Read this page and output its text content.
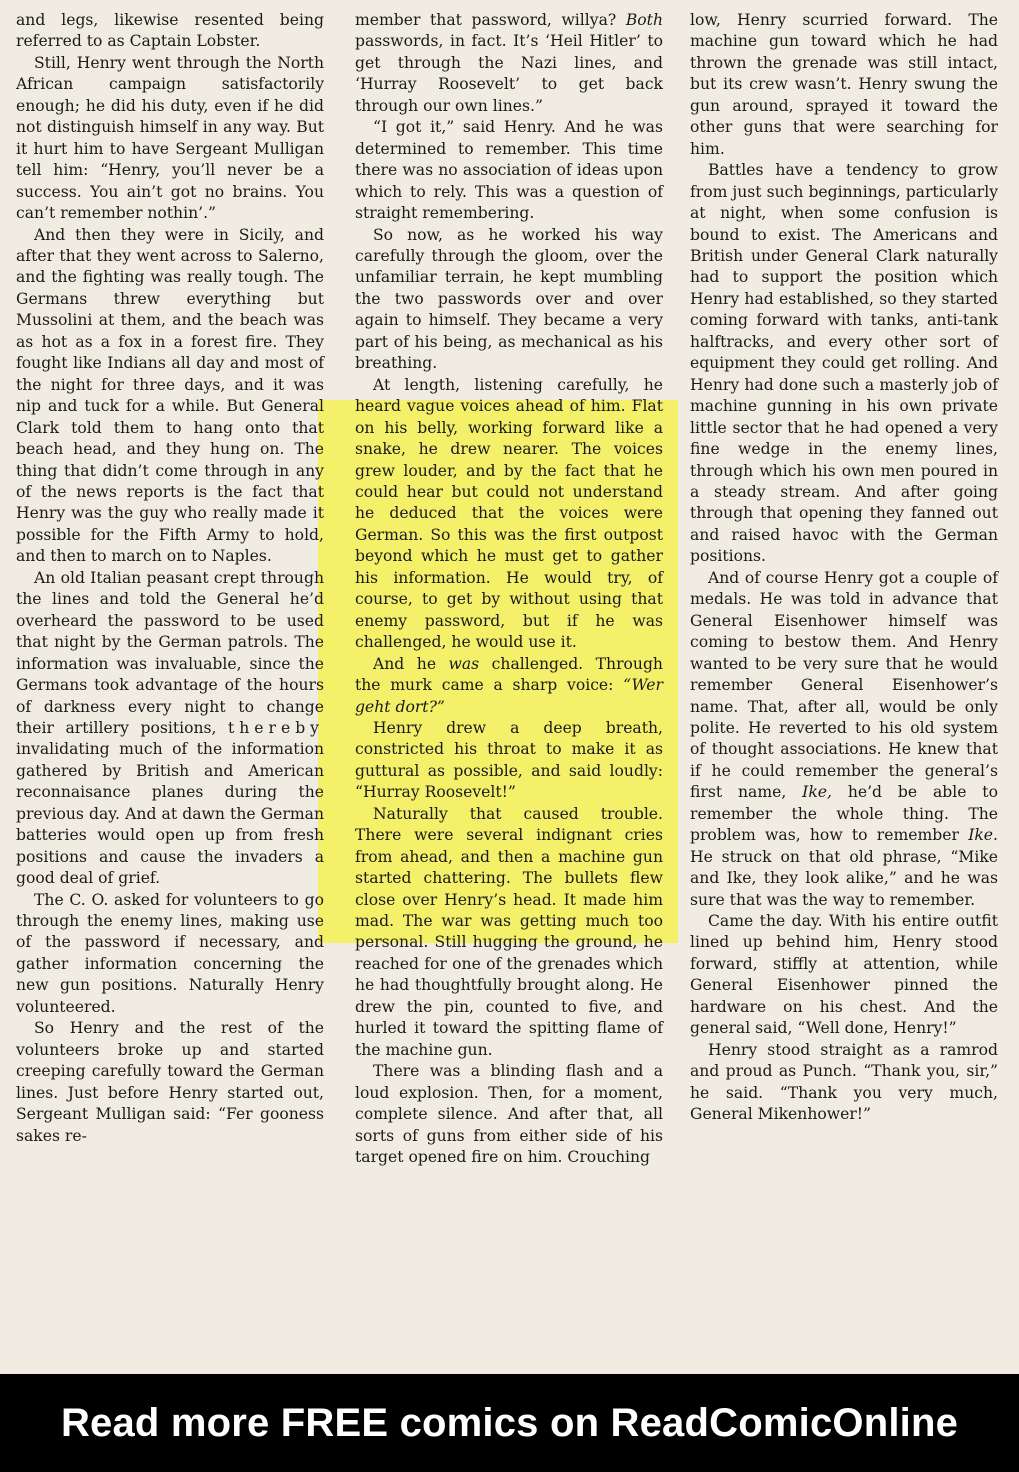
and legs, likewise resented being referred to as Captain Lobster.

Still, Henry went through the North African campaign satisfactorily enough; he did his duty, even if he did not distinguish himself in any way. But it hurt him to have Sergeant Mulligan tell him: “Henry, you’ll never be a success. You ain’t got no brains. You can’t remember nothin’.”

And then they were in Sicily, and after that they went across to Salerno, and the fighting was really tough. The Germans threw everything but Mussolini at them, and the beach was as hot as a fox in a forest fire. They fought like Indians all day and most of the night for three days, and it was nip and tuck for a while. But General Clark told them to hang onto that beach head, and they hung on. The thing that didn’t come through in any of the news reports is the fact that Henry was the guy who really made it possible for the Fifth Army to hold, and then to march on to Naples.

An old Italian peasant crept through the lines and told the General he’d overheard the password to be used that night by the German patrols. The information was invaluable, since the Germans took advantage of the hours of darkness every night to change their artillery positions, thereby invalidating much of the information gathered by British and American reconnaisance planes during the previous day. And at dawn the German batteries would open up from fresh positions and cause the invaders a good deal of grief.

The C. O. asked for volunteers to go through the enemy lines, making use of the password if necessary, and gather information concerning the new gun positions. Naturally Henry volunteered.

So Henry and the rest of the volunteers broke up and started creeping carefully toward the German lines. Just before Henry started out, Sergeant Mulligan said: “Fer gooness sakes re-

member that password, willya? Both passwords, in fact. It’s ‘Heil Hitler’ to get through the Nazi lines, and ‘Hurray Roosevelt’ to get back through our own lines.”

“I got it,” said Henry. And he was determined to remember. This time there was no association of ideas upon which to rely. This was a question of straight remembering.

So now, as he worked his way carefully through the gloom, over the unfamiliar terrain, he kept mumbling the two passwords over and over again to himself. They became a very part of his being, as mechanical as his breathing.

At length, listening carefully, he heard vague voices ahead of him. Flat on his belly, working forward like a snake, he drew nearer. The voices grew louder, and by the fact that he could hear but could not understand he deduced that the voices were German. So this was the first outpost beyond which he must get to gather his information. He would try, of course, to get by without using that enemy password, but if he was challenged, he would use it.

And he was challenged. Through the murk came a sharp voice: “Wer geht dort?”

Henry drew a deep breath, constricted his throat to make it as guttural as possible, and said loudly: “Hurray Roosevelt!”

Naturally that caused trouble. There were several indignant cries from ahead, and then a machine gun started chattering. The bullets flew close over Henry’s head. It made him mad. The war was getting much too personal. Still hugging the ground, he reached for one of the grenades which he had thoughtfully brought along. He drew the pin, counted to five, and hurled it toward the spitting flame of the machine gun.

There was a blinding flash and a loud explosion. Then, for a moment, complete silence. And after that, all sorts of guns from either side of his target opened fire on him. Crouching

low, Henry scurried forward. The machine gun toward which he had thrown the grenade was still intact, but its crew wasn’t. Henry swung the gun around, sprayed it toward the other guns that were searching for him.

Battles have a tendency to grow from just such beginnings, particularly at night, when some confusion is bound to exist. The Americans and British under General Clark naturally had to support the position which Henry had established, so they started coming forward with tanks, anti-tank halftracks, and every other sort of equipment they could get rolling. And Henry had done such a masterly job of machine gunning in his own private little sector that he had opened a very fine wedge in the enemy lines, through which his own men poured in a steady stream. And after going through that opening they fanned out and raised havoc with the German positions.

And of course Henry got a couple of medals. He was told in advance that General Eisenhower himself was coming to bestow them. And Henry wanted to be very sure that he would remember General Eisenhower’s name. That, after all, would be only polite. He reverted to his old system of thought associations. He knew that if he could remember the general’s first name, Ike, he’d be able to remember the whole thing. The problem was, how to remember Ike. He struck on that old phrase, “Mike and Ike, they look alike,” and he was sure that was the way to remember.

Came the day. With his entire outfit lined up behind him, Henry stood forward, stiffly at attention, while General Eisenhower pinned the hardware on his chest. And the general said, “Well done, Henry!”

Henry stood straight as a ramrod and proud as Punch. “Thank you, sir,” he said. “Thank you very much, General Mikenhower!”

Read more FREE comics on ReadComicOnline
